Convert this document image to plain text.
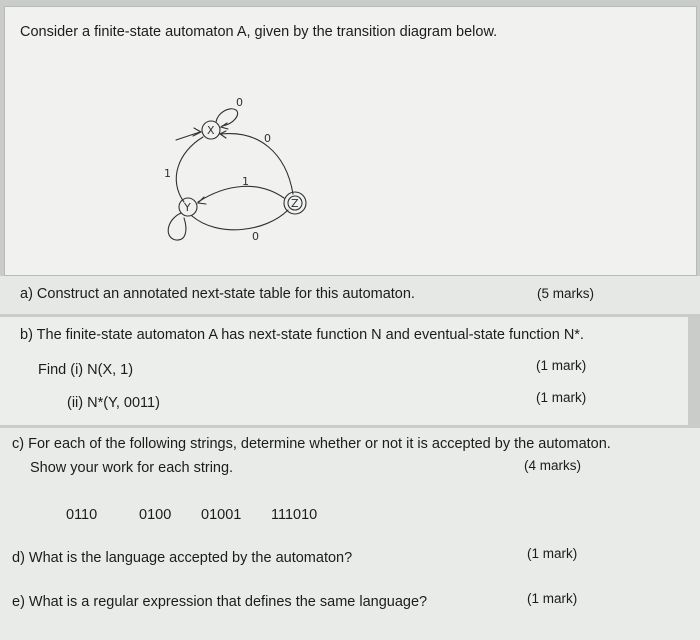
Consider a finite-state automaton A, given by the transition diagram below.
X
0
0
1
Y
1
0
Z
a) Construct an annotated next-state table for this automaton.	(5 marks)
b) The finite-state automaton A has next-state function N and eventual-state function N*.
Find (i) N(X, 1)	(1 mark)
(ii) N*(Y, 0011)	(1 mark)
c) For each of the following strings, determine whether or not it is accepted by the automaton.
Show your work for each string.	(4 marks)
0110	0100 01001 111010
d) What is the language accepted by the automaton?	(1 mark)
e) What is a regular expression that defines the same language?	(1 mark)
